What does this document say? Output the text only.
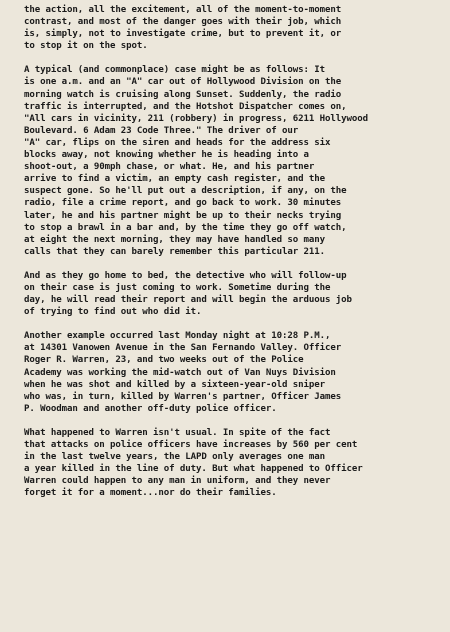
the action, all the excitement, all of the moment-to-moment
contrast, and most of the danger goes with their job, which
is, simply, not to investigate crime, but to prevent it, or
to stop it on the spot.
A typical (and commonplace) case might be as follows: It
is one a.m. and an "A" car out of Hollywood Division on the
morning watch is cruising along Sunset. Suddenly, the radio
traffic is interrupted, and the Hotshot Dispatcher comes on,
"All cars in vicinity, 211 (robbery) in progress, 6211 Hollywood
Boulevard. 6 Adam 23 Code Three." The driver of our
"A" car, flips on the siren and heads for the address six
blocks away, not knowing whether he is heading into a
shoot-out, a 90mph chase, or what. He, and his partner
arrive to find a victim, an empty cash register, and the
suspect gone. So he'll put out a description, if any, on the
radio, file a crime report, and go back to work. 30 minutes
later, he and his partner might be up to their necks trying
to stop a brawl in a bar and, by the time they go off watch,
at eight the next morning, they may have handled so many
calls that they can barely remember this particular 211.
And as they go home to bed, the detective who will follow-up
on their case is just coming to work. Sometime during the
day, he will read their report and will begin the arduous job
of trying to find out who did it.
Another example occurred last Monday night at 10:28 P.M.,
at 14301 Vanowen Avenue in the San Fernando Valley. Officer
Roger R. Warren, 23, and two weeks out of the Police
Academy was working the mid-watch out of Van Nuys Division
when he was shot and killed by a sixteen-year-old sniper
who was, in turn, killed by Warren's partner, Officer James
P. Woodman and another off-duty police officer.
What happened to Warren isn't usual. In spite of the fact
that attacks on police officers have increases by 560 per cent
in the last twelve years, the LAPD only averages one man
a year killed in the line of duty. But what happened to Officer
Warren could happen to any man in uniform, and they never
forget it for a moment...nor do their families.
